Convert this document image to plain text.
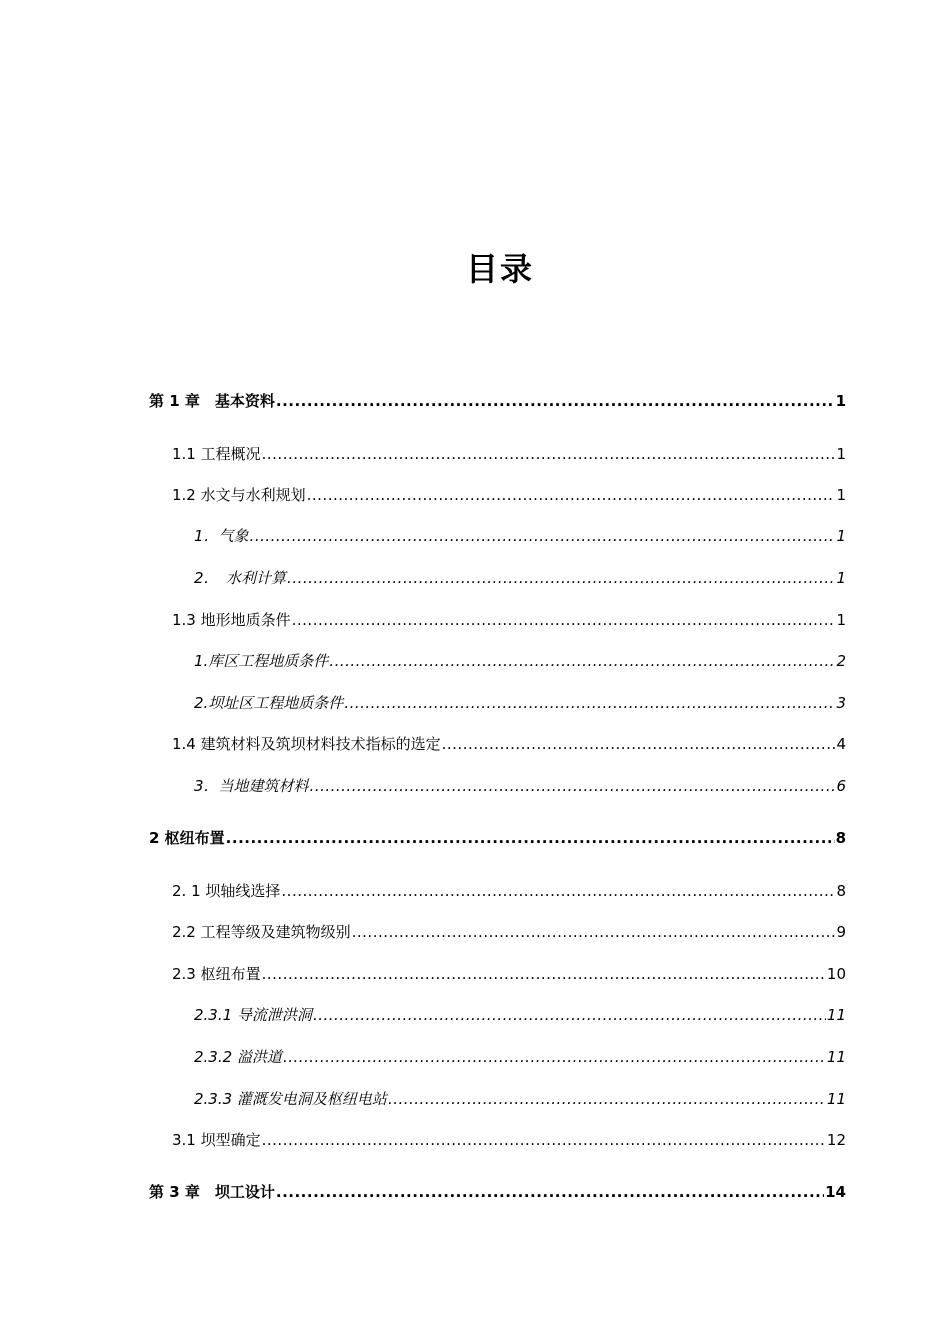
目录
第 1 章　基本资料 .....	1
1.1 工程概况 .....	1
1.2 水文与水利规划 .....	1
1．气象 .....	1
2．　水利计算 .....	1
1.3 地形地质条件 .....	1
1.库区工程地质条件 .....	2
2.坝址区工程地质条件 .....	3
1.4 建筑材料及筑坝材料技术指标的选定 .....	4
3．当地建筑材料 .....	6
2 枢纽布置 .....	8
2. 1 坝轴线选择 .....	8
2.2 工程等级及建筑物级别 .....	9
2.3 枢纽布置 .....	10
2.3.1 导流泄洪洞 .....	11
2.3.2 溢洪道 .....	11
2.3.3 灌溉发电洞及枢纽电站 .....	11
3.1 坝型确定 .....	12
第 3 章　坝工设计 .....	14
